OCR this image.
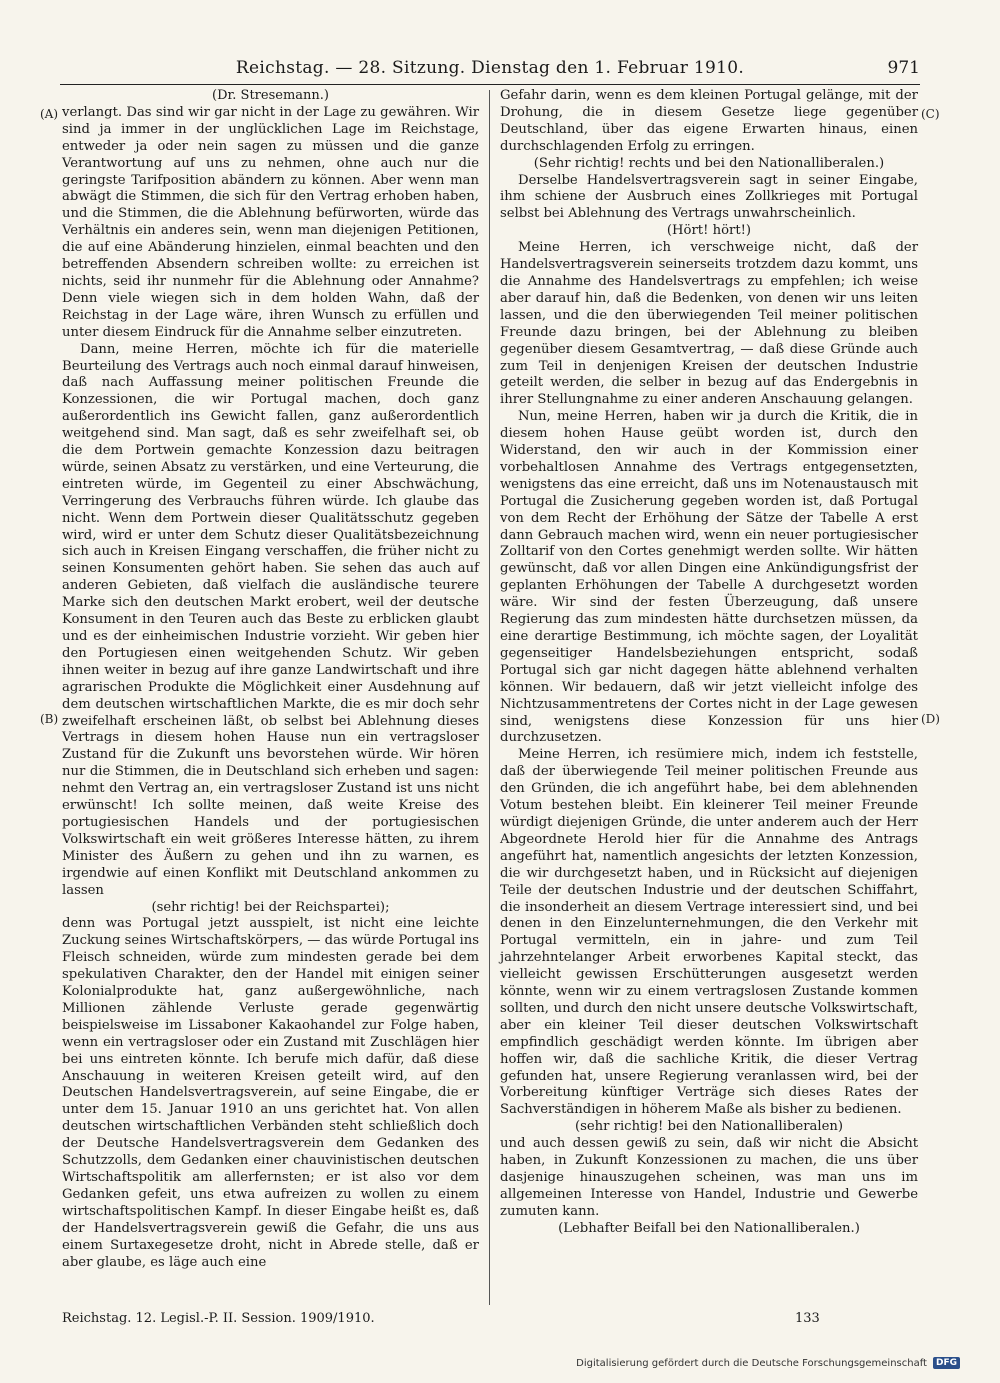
Reichstag. — 28. Sitzung. Dienstag den 1. Februar 1910.	971
(A)
(B)
(C)
(D)
(Dr. Stresemann.)

verlangt. Das sind wir gar nicht in der Lage zu gewähren. Wir sind ja immer in der unglücklichen Lage im Reichstage, entweder ja oder nein sagen zu müssen und die ganze Verantwortung auf uns zu nehmen, ohne auch nur die geringste Tarifposition abändern zu können. Aber wenn man abwägt die Stimmen, die sich für den Vertrag erhoben haben, und die Stimmen, die die Ablehnung befürworten, würde das Verhältnis ein anderes sein, wenn man diejenigen Petitionen, die auf eine Abänderung hinzielen, einmal beachten und den betreffenden Absendern schreiben wollte: zu erreichen ist nichts, seid ihr nunmehr für die Ablehnung oder Annahme? Denn viele wiegen sich in dem holden Wahn, daß der Reichstag in der Lage wäre, ihren Wunsch zu erfüllen und unter diesem Eindruck für die Annahme selber einzutreten.

Dann, meine Herren, möchte ich für die materielle Beurteilung des Vertrags auch noch einmal darauf hinweisen, daß nach Auffassung meiner politischen Freunde die Konzessionen, die wir Portugal machen, doch ganz außerordentlich ins Gewicht fallen, ganz außerordentlich weitgehend sind. Man sagt, daß es sehr zweifelhaft sei, ob die dem Portwein gemachte Konzession dazu beitragen würde, seinen Absatz zu verstärken, und eine Verteurung, die eintreten würde, im Gegenteil zu einer Abschwächung, Verringerung des Verbrauchs führen würde. Ich glaube das nicht. Wenn dem Portwein dieser Qualitätsschutz gegeben wird, wird er unter dem Schutz dieser Qualitätsbezeichnung sich auch in Kreisen Eingang verschaffen, die früher nicht zu seinen Konsumenten gehört haben. Sie sehen das auch auf anderen Gebieten, daß vielfach die ausländische teurere Marke sich den deutschen Markt erobert, weil der deutsche Konsument in den Teuren auch das Beste zu erblicken glaubt und es der einheimischen Industrie vorzieht. Wir geben hier den Portugiesen einen weitgehenden Schutz. Wir geben ihnen weiter in bezug auf ihre ganze Landwirtschaft und ihre agrarischen Produkte die Möglichkeit einer Ausdehnung auf dem deutschen wirtschaftlichen Markte, die es mir doch sehr zweifelhaft erscheinen läßt, ob selbst bei Ablehnung dieses Vertrags in diesem hohen Hause nun ein vertragsloser Zustand für die Zukunft uns bevorstehen würde. Wir hören nur die Stimmen, die in Deutschland sich erheben und sagen: nehmt den Vertrag an, ein vertragsloser Zustand ist uns nicht erwünscht! Ich sollte meinen, daß weite Kreise des portugiesischen Handels und der portugiesischen Volkswirtschaft ein weit größeres Interesse hätten, zu ihrem Minister des Äußern zu gehen und ihn zu warnen, es irgendwie auf einen Konflikt mit Deutschland ankommen zu lassen

(sehr richtig! bei der Reichspartei);

denn was Portugal jetzt ausspielt, ist nicht eine leichte Zuckung seines Wirtschaftskörpers, — das würde Portugal ins Fleisch schneiden, würde zum mindesten gerade bei dem spekulativen Charakter, den der Handel mit einigen seiner Kolonialprodukte hat, ganz außergewöhnliche, nach Millionen zählende Verluste gerade gegenwärtig beispielsweise im Lissaboner Kakaohandel zur Folge haben, wenn ein vertragsloser oder ein Zustand mit Zuschlägen hier bei uns eintreten könnte. Ich berufe mich dafür, daß diese Anschauung in weiteren Kreisen geteilt wird, auf den Deutschen Handelsvertragsverein, auf seine Eingabe, die er unter dem 15. Januar 1910 an uns gerichtet hat. Von allen deutschen wirtschaftlichen Verbänden steht schließlich doch der Deutsche Handelsvertragsverein dem Gedanken des Schutzzolls, dem Gedanken einer chauvinistischen deutschen Wirtschaftspolitik am allerfernsten; er ist also vor dem Gedanken gefeit, uns etwa aufreizen zu wollen zu einem wirtschaftspolitischen Kampf. In dieser Eingabe heißt es, daß der Handelsvertragsverein gewiß die Gefahr, die uns aus einem Surtaxegesetze droht, nicht in Abrede stelle, daß er aber glaube, es läge auch eine

Gefahr darin, wenn es dem kleinen Portugal gelänge, mit der Drohung, die in diesem Gesetze liege gegenüber Deutschland, über das eigene Erwarten hinaus, einen durchschlagenden Erfolg zu erringen.

(Sehr richtig! rechts und bei den Nationalliberalen.)

Derselbe Handelsvertragsverein sagt in seiner Eingabe, ihm schiene der Ausbruch eines Zollkrieges mit Portugal selbst bei Ablehnung des Vertrags unwahrscheinlich.

(Hört! hört!)

Meine Herren, ich verschweige nicht, daß der Handelsvertragsverein seinerseits trotzdem dazu kommt, uns die Annahme des Handelsvertrags zu empfehlen; ich weise aber darauf hin, daß die Bedenken, von denen wir uns leiten lassen, und die den überwiegenden Teil meiner politischen Freunde dazu bringen, bei der Ablehnung zu bleiben gegenüber diesem Gesamtvertrag, — daß diese Gründe auch zum Teil in denjenigen Kreisen der deutschen Industrie geteilt werden, die selber in bezug auf das Endergebnis in ihrer Stellungnahme zu einer anderen Anschauung gelangen.

Nun, meine Herren, haben wir ja durch die Kritik, die in diesem hohen Hause geübt worden ist, durch den Widerstand, den wir auch in der Kommission einer vorbehaltlosen Annahme des Vertrags entgegensetzten, wenigstens das eine erreicht, daß uns im Notenaustausch mit Portugal die Zusicherung gegeben worden ist, daß Portugal von dem Recht der Erhöhung der Sätze der Tabelle A erst dann Gebrauch machen wird, wenn ein neuer portugiesischer Zolltarif von den Cortes genehmigt werden sollte. Wir hätten gewünscht, daß vor allen Dingen eine Ankündigungsfrist der geplanten Erhöhungen der Tabelle A durchgesetzt worden wäre. Wir sind der festen Überzeugung, daß unsere Regierung das zum mindesten hätte durchsetzen müssen, da eine derartige Bestimmung, ich möchte sagen, der Loyalität gegenseitiger Handelsbeziehungen entspricht, sodaß Portugal sich gar nicht dagegen hätte ablehnend verhalten können. Wir bedauern, daß wir jetzt vielleicht infolge des Nichtzusammentretens der Cortes nicht in der Lage gewesen sind, wenigstens diese Konzession für uns hier durchzusetzen.

Meine Herren, ich resümiere mich, indem ich feststelle, daß der überwiegende Teil meiner politischen Freunde aus den Gründen, die ich angeführt habe, bei dem ablehnenden Votum bestehen bleibt. Ein kleinerer Teil meiner Freunde würdigt diejenigen Gründe, die unter anderem auch der Herr Abgeordnete Herold hier für die Annahme des Antrags angeführt hat, namentlich angesichts der letzten Konzession, die wir durchgesetzt haben, und in Rücksicht auf diejenigen Teile der deutschen Industrie und der deutschen Schiffahrt, die insonderheit an diesem Vertrage interessiert sind, und bei denen in den Einzelunternehmungen, die den Verkehr mit Portugal vermitteln, ein in jahre- und zum Teil jahrzehntelanger Arbeit erworbenes Kapital steckt, das vielleicht gewissen Erschütterungen ausgesetzt werden könnte, wenn wir zu einem vertragslosen Zustande kommen sollten, und durch den nicht unsere deutsche Volkswirtschaft, aber ein kleiner Teil dieser deutschen Volkswirtschaft empfindlich geschädigt werden könnte. Im übrigen aber hoffen wir, daß die sachliche Kritik, die dieser Vertrag gefunden hat, unsere Regierung veranlassen wird, bei der Vorbereitung künftiger Verträge sich dieses Rates der Sachverständigen in höherem Maße als bisher zu bedienen.

(sehr richtig! bei den Nationalliberalen)

und auch dessen gewiß zu sein, daß wir nicht die Absicht haben, in Zukunft Konzessionen zu machen, die uns über dasjenige hinauszugehen scheinen, was man uns im allgemeinen Interesse von Handel, Industrie und Gewerbe zumuten kann.

(Lebhafter Beifall bei den Nationalliberalen.)

Reichstag. 12. Legisl.-P. II. Session. 1909/1910.	133
Digitalisierung gefördert durch die Deutsche Forschungsgemeinschaft	DFG
